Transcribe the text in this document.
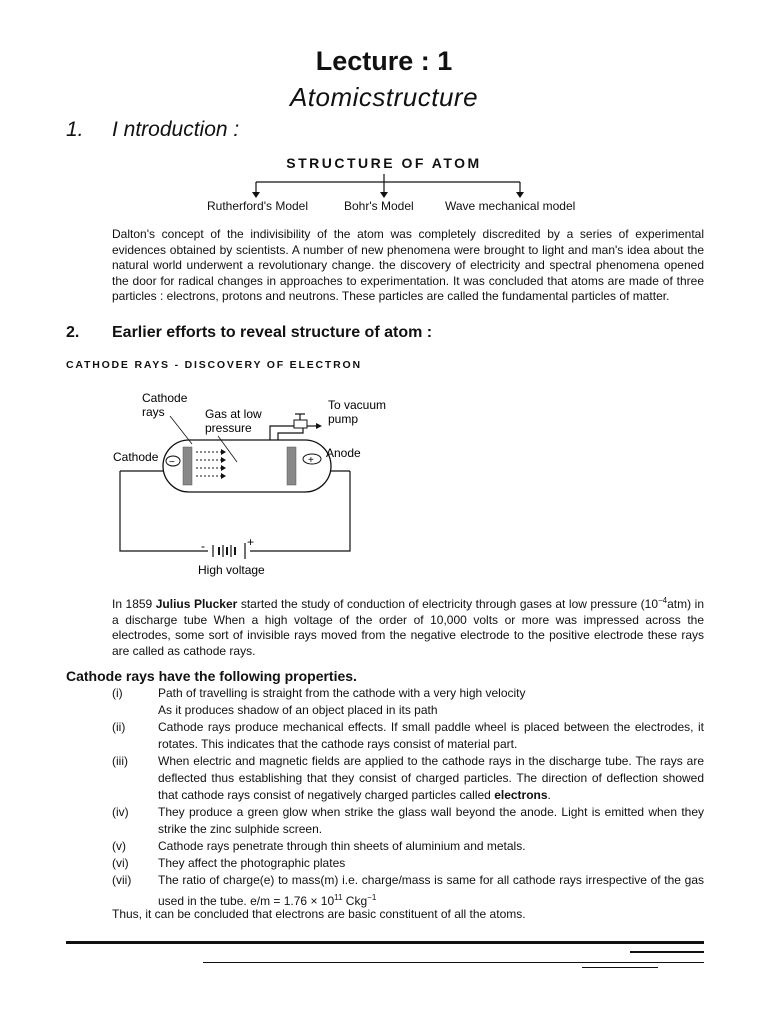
Lecture : 1
Atomicstructure
1. I ntroduction :
STRUCTURE OF ATOM
Rutherford's Model	Bohr's Model	Wave mechanical model

Dalton's concept of the indivisibility of the atom was completely discredited by a series of experimental evidences obtained by scientists. A number of new phenomena were brought to light and man's idea about the natural world underwent a revolutionary change. the discovery of electricity and spectral phenomena opened the door for radical changes in approaches to experimentation. It was concluded that atoms are made of three particles : electrons, protons and neutrons. These particles are called the fundamental particles of matter.

2. Earlier efforts to reveal structure of atom :
CATHODE RAYS - DISCOVERY OF ELECTRON
-	+
High voltage
−	+
Cathode
rays	Gas at low
pressure
To vacuum
pump
Cathode	Anode

In 1859 Julius Plucker started the study of conduction of electricity through gases at low pressure $(10^{-4}atm)$ in a discharge tube When a high voltage of the order of 10,000 volts or more was impressed across the electrodes, some sort of invisible rays moved from the negative electrode to the positive electrode these rays are called as cathode rays.

Cathode rays have the following properties.
(i)	Path of travelling is straight from the cathode with a very high velocity
As it produces shadow of an object placed in its path
(ii)	Cathode rays produce mechanical effects. If small paddle wheel is placed between the electrodes, it rotates. This indicates that the cathode rays consist of material part.
(iii)	When electric and magnetic fields are applied to the cathode rays in the discharge tube. The rays are deflected thus establishing that they consist of charged particles. The direction of deflection showed that cathode rays consist of negatively charged particles called electrons.
(iv)	They produce a green glow when strike the glass wall beyond the anode. Light is emitted when they strike the zinc sulphide screen.
(v)	Cathode rays penetrate through thin sheets of aluminium and metals.
(vi)	They affect the photographic plates
(vii)	The ratio of charge(e) to mass(m) i.e. charge/mass is same for all cathode rays irrespective of the gas used in the tube. $e/m = 1.76 \times 10^{11}$ Ckg$^{-1}$
Thus, it can be concluded that electrons are basic constituent of all the atoms.
